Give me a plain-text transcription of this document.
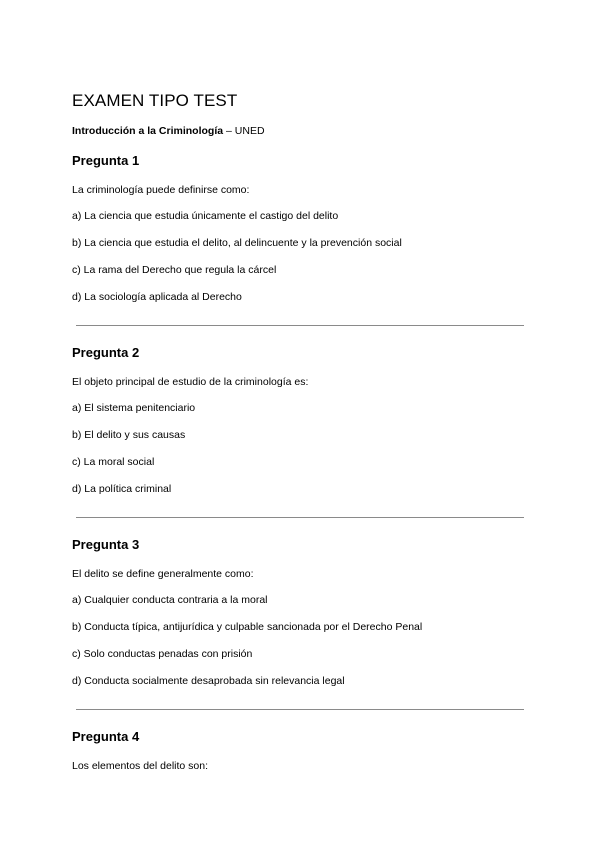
EXAMEN TIPO TEST
Introducción a la Criminología – UNED
Pregunta 1
La criminología puede definirse como:
a) La ciencia que estudia únicamente el castigo del delito
b) La ciencia que estudia el delito, al delincuente y la prevención social
c) La rama del Derecho que regula la cárcel
d) La sociología aplicada al Derecho
Pregunta 2
El objeto principal de estudio de la criminología es:
a) El sistema penitenciario
b) El delito y sus causas
c) La moral social
d) La política criminal
Pregunta 3
El delito se define generalmente como:
a) Cualquier conducta contraria a la moral
b) Conducta típica, antijurídica y culpable sancionada por el Derecho Penal
c) Solo conductas penadas con prisión
d) Conducta socialmente desaprobada sin relevancia legal
Pregunta 4
Los elementos del delito son:
